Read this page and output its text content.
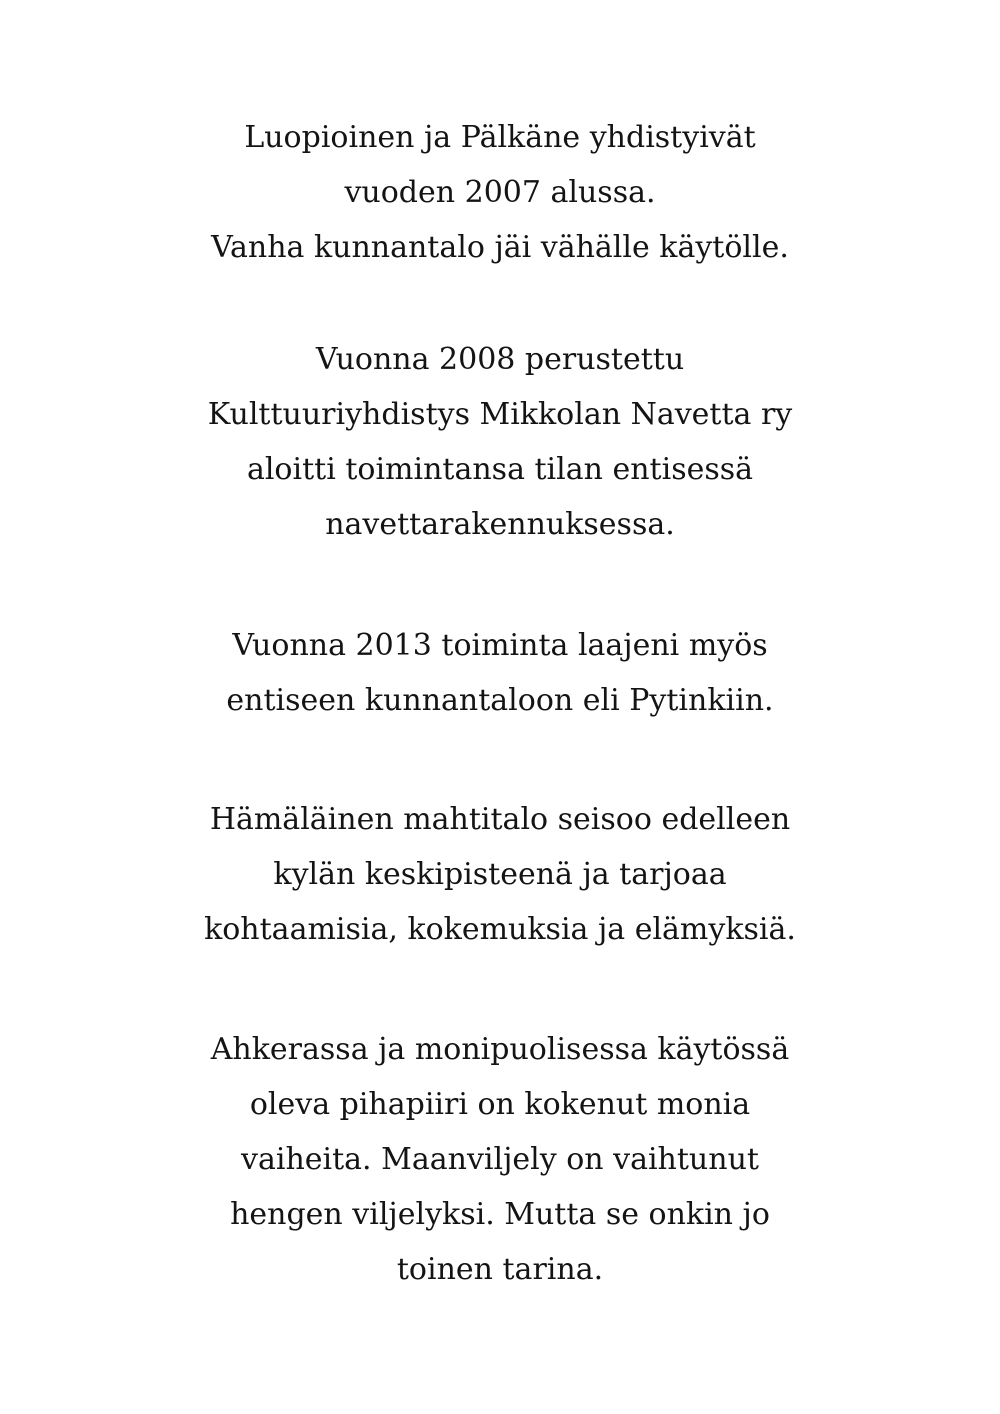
Luopioinen ja Pälkäne yhdistyivät
vuoden 2007 alussa.
Vanha kunnantalo jäi vähälle käytölle.

Vuonna 2008 perustettu
Kulttuuriyhdistys Mikkolan Navetta ry
aloitti toimintansa tilan entisessä
navettarakennuksessa.

Vuonna 2013 toiminta laajeni myös
entiseen kunnantaloon eli Pytinkiin.

Hämäläinen mahtitalo seisoo edelleen
kylän keskipisteenä ja tarjoaa
kohtaamisia, kokemuksia ja elämyksiä.

Ahkerassa ja monipuolisessa käytössä
oleva pihapiiri on kokenut monia
vaiheita. Maanviljely on vaihtunut
hengen viljelyksi. Mutta se onkin jo
toinen tarina.
